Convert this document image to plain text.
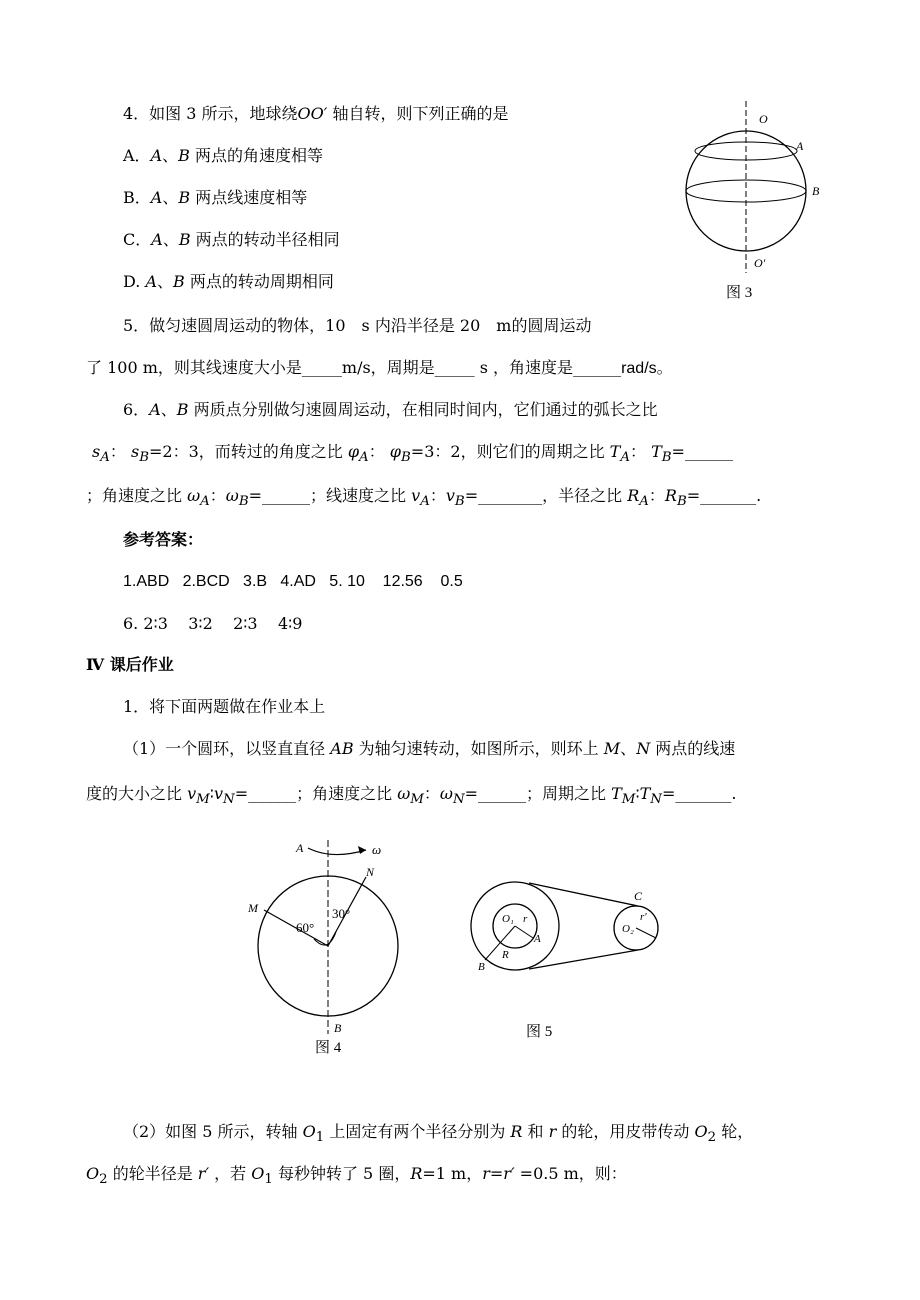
4．如图 3 所示，地球绕OO′ 轴自转，则下列正确的是
A．A、B 两点的角速度相等
B．A、B 两点线速度相等
C．A、B 两点的转动半径相同
D. A、B 两点的转动周期相同
O
A
B
O′
图 3
5．做匀速圆周运动的物体，10　s 内沿半径是 20　m的圆周运动
了 100 m，则其线速度大小是_____m/s，周期是_____ s ，角速度是______rad/s。
6．A、B 两质点分别做匀速圆周运动，在相同时间内，它们通过的弧长之比
$s_A$： $s_B=2$：3，而转过的角度之比 $\varphi_A$： $\varphi_B=3$：2，则它们的周期之比 $T_A$： $T_B=\_\_\_\_\_\_$
；角速度之比 $\omega_A$：$\omega_B=\_\_\_\_\_\_$；线速度之比 $v_A$：$v_B=\_\_\_\_\_\_\_\_$，半径之比 $R_A$：$R_B=\_\_\_\_\_\_\_$.
参考答案：
1.ABD   2.BCD   3.B   4.AD   5. 10    12.56    0.5
6. 2∶3    3∶2    2∶3    4∶9
Ⅳ 课后作业
1．将下面两题做在作业本上
（1）一个圆环，以竖直直径 AB 为轴匀速转动，如图所示，则环上 M、N 两点的线速
度的大小之比 $v_M∶v_N=\_\_\_\_\_\_$；角速度之比 $\omega_M$：$\omega_N=\_\_\_\_\_\_$；周期之比 $T_M∶T_N=\_\_\_\_\_\_\_$.
A	ω
N
M
60°
30°
B
图 4
C
O₁ r
A
R
B
O₂
r′
图 5
（2）如图 5 所示，转轴 $O_1$ 上固定有两个半径分别为 R 和 r 的轮，用皮带传动 $O_2$ 轮，
$O_2$ 的轮半径是 r′ ，若 $O_1$ 每秒钟转了 5 圈，R=1 m，r=r′ =0.5 m，则：
